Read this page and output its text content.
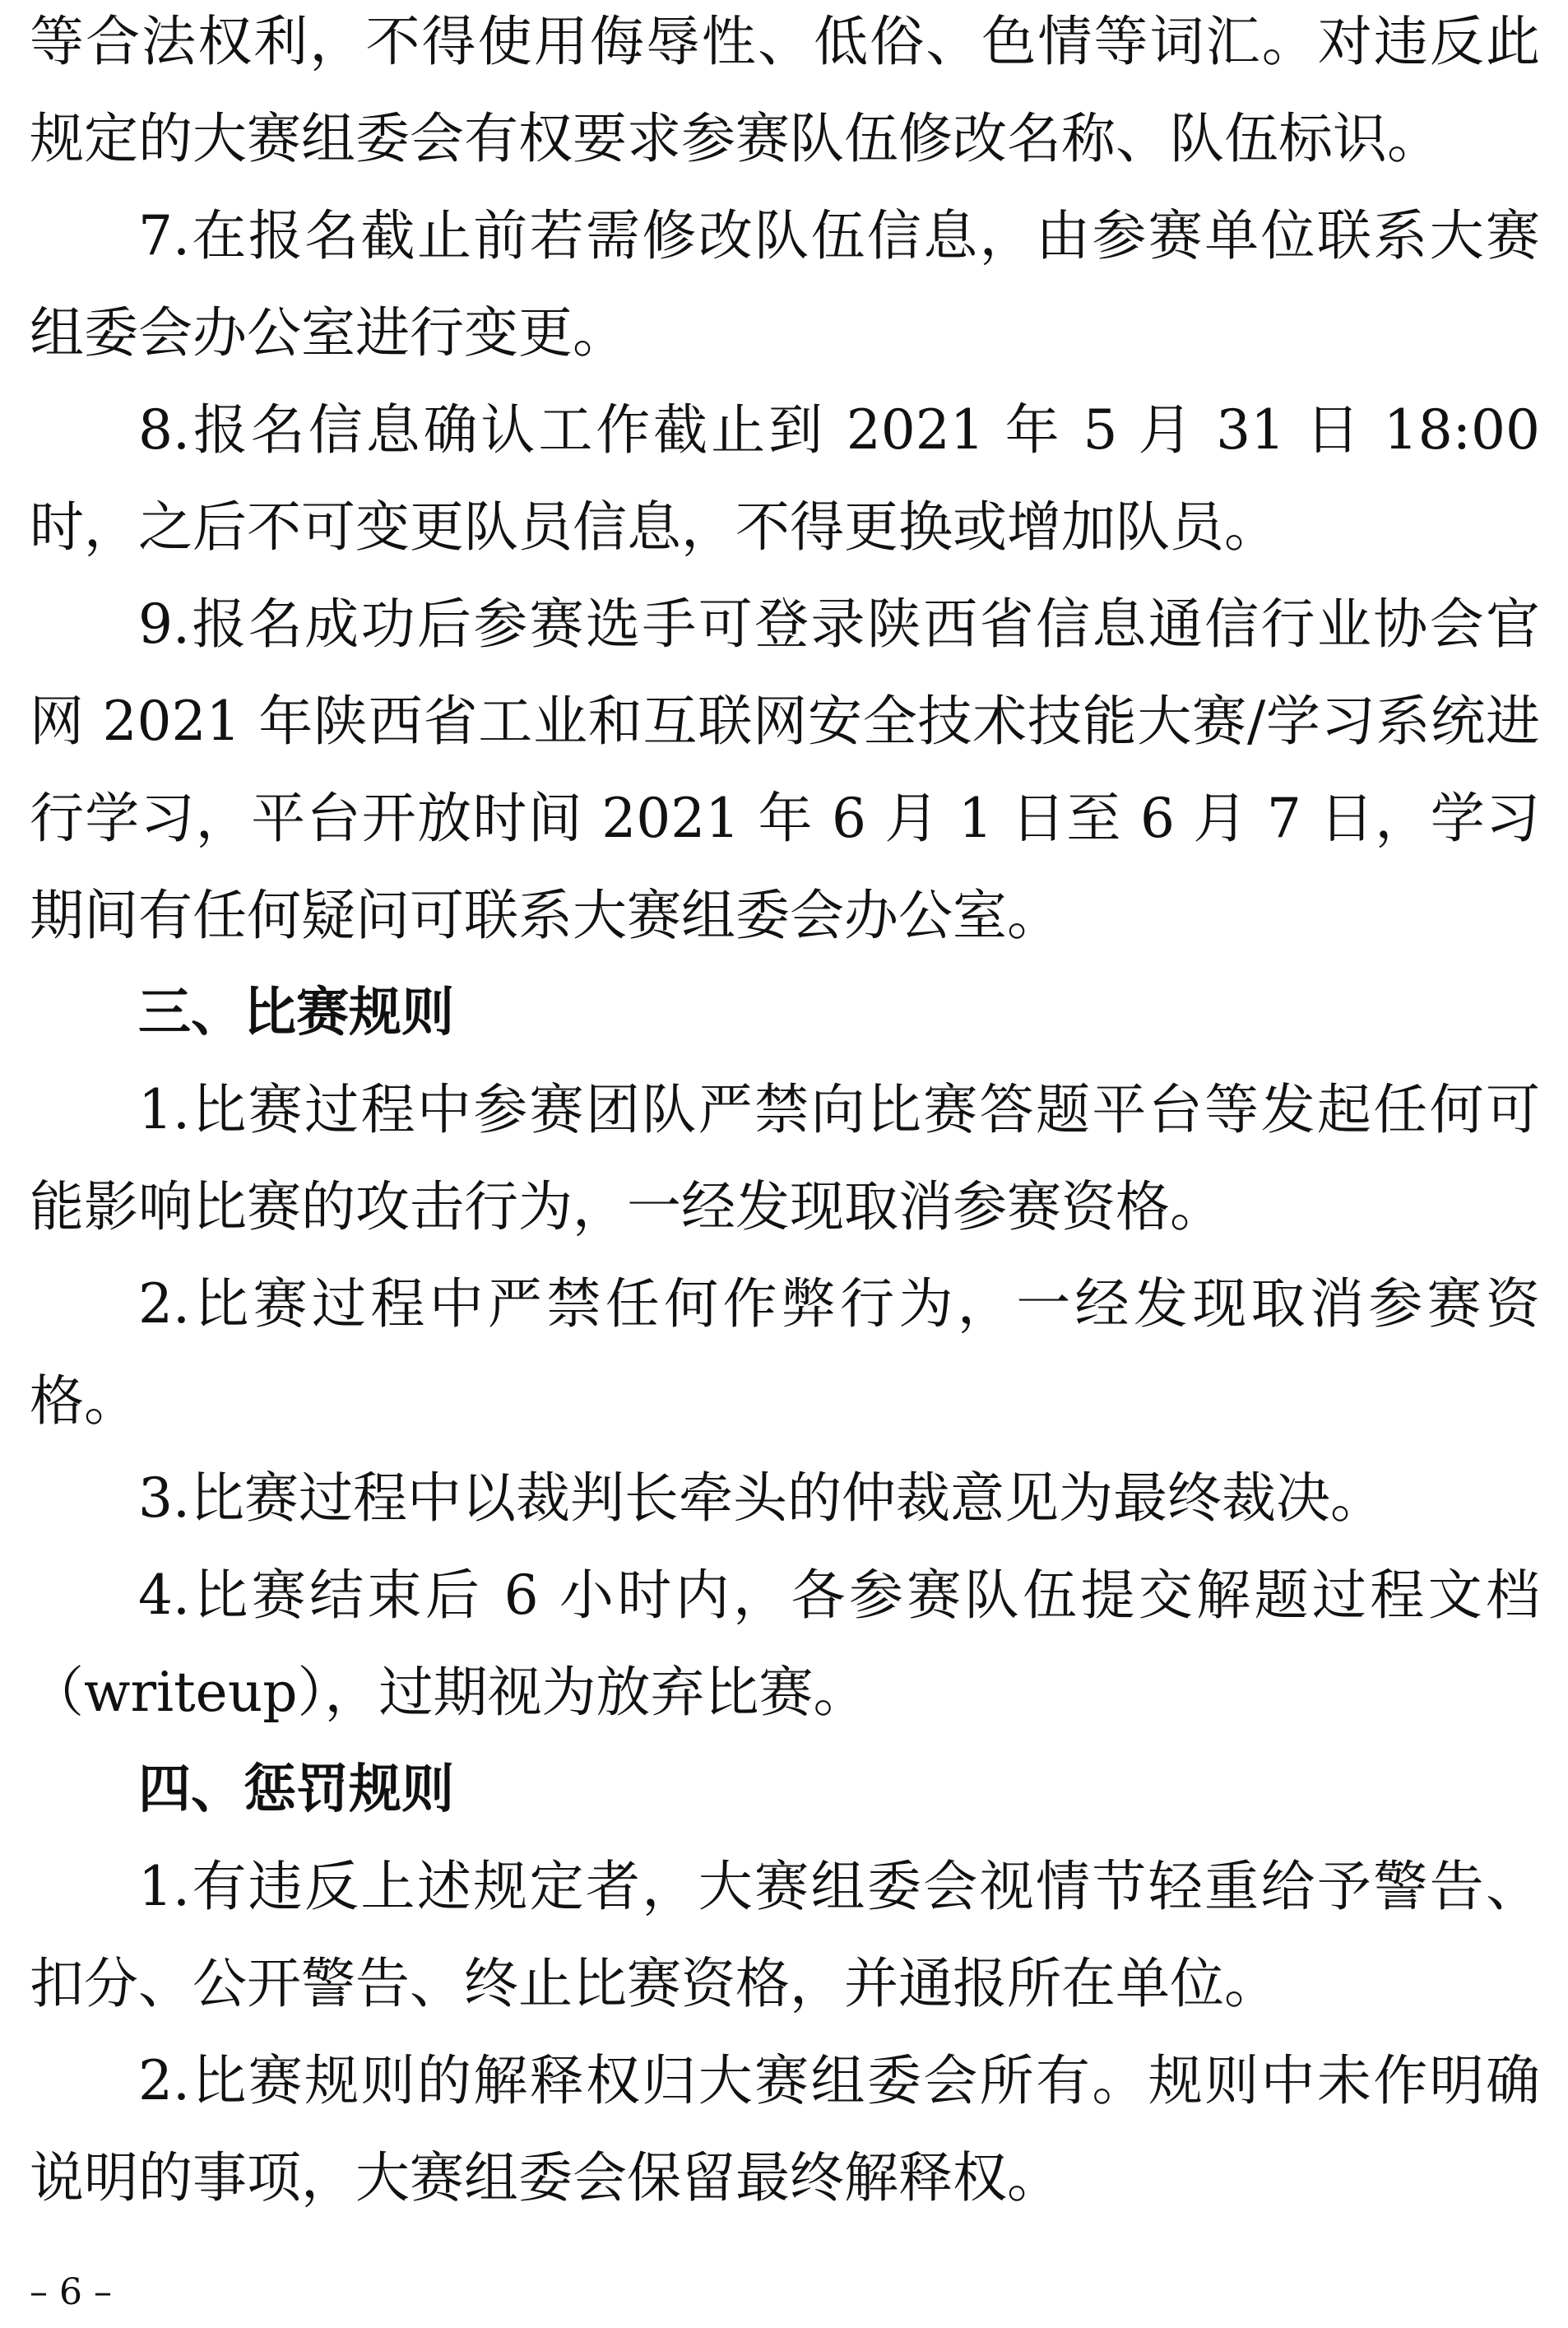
等合法权利，不得使用侮辱性、低俗、色情等词汇。对违反此规定的大赛组委会有权要求参赛队伍修改名称、队伍标识。

7.在报名截止前若需修改队伍信息，由参赛单位联系大赛组委会办公室进行变更。

8.报名信息确认工作截止到 2021 年 5 月 31 日 18:00 时，之后不可变更队员信息，不得更换或增加队员。

9.报名成功后参赛选手可登录陕西省信息通信行业协会官网 2021 年陕西省工业和互联网安全技术技能大赛/学习系统进行学习，平台开放时间 2021 年 6 月 1 日至 6 月 7 日，学习期间有任何疑问可联系大赛组委会办公室。

三、比赛规则

1.比赛过程中参赛团队严禁向比赛答题平台等发起任何可能影响比赛的攻击行为，一经发现取消参赛资格。

2.比赛过程中严禁任何作弊行为，一经发现取消参赛资格。

3.比赛过程中以裁判长牵头的仲裁意见为最终裁决。

4.比赛结束后 6 小时内，各参赛队伍提交解题过程文档（writeup），过期视为放弃比赛。

四、惩罚规则

1.有违反上述规定者，大赛组委会视情节轻重给予警告、扣分、公开警告、终止比赛资格，并通报所在单位。

2.比赛规则的解释权归大赛组委会所有。规则中未作明确说明的事项，大赛组委会保留最终解释权。

– 6 –
